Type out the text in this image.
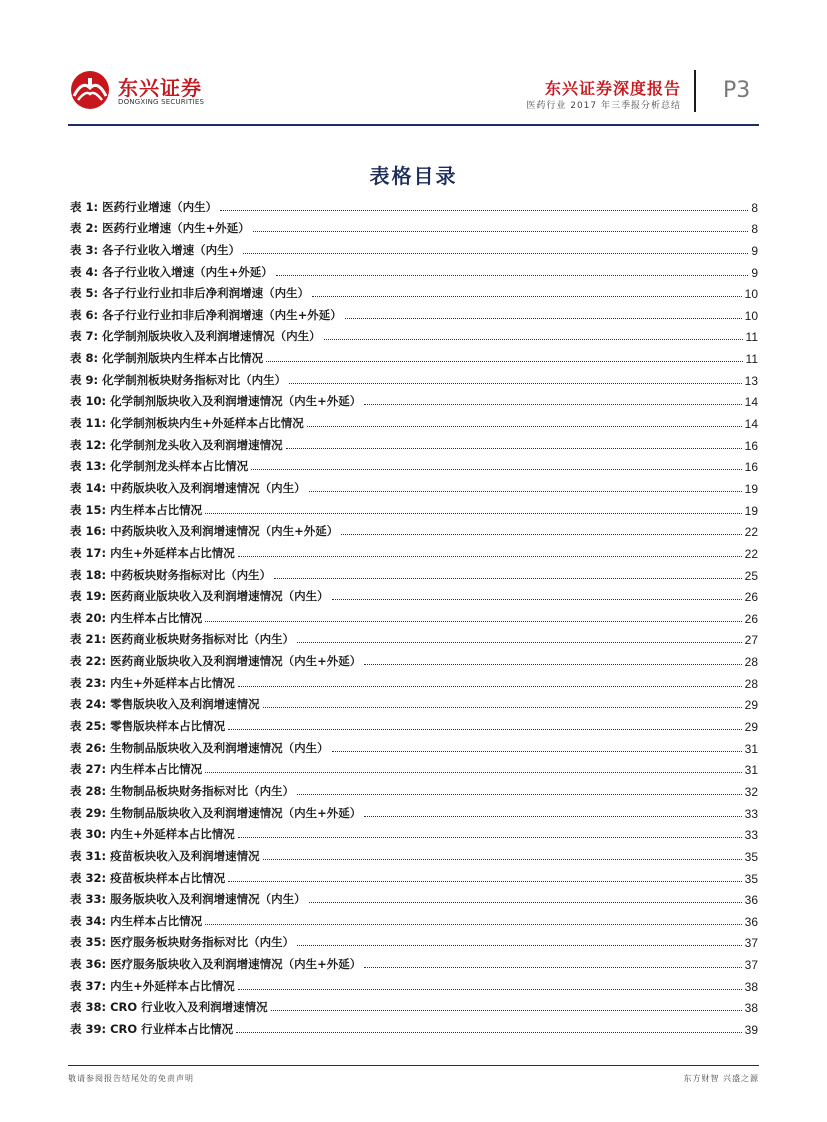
东兴证券
DONGXING SECURITIES
东兴证券深度报告
医药行业 2017 年三季报分析总结
P3
表格目录
表 1: 医药行业增速（内生）	8
表 2: 医药行业增速（内生+外延）	8
表 3: 各子行业收入增速（内生）	9
表 4: 各子行业收入增速（内生+外延）	9
表 5: 各子行业行业扣非后净利润增速（内生）	10
表 6: 各子行业行业扣非后净利润增速（内生+外延）	10
表 7: 化学制剂版块收入及利润增速情况（内生）	11
表 8: 化学制剂版块内生样本占比情况	11
表 9: 化学制剂板块财务指标对比（内生）	13
表 10: 化学制剂版块收入及利润增速情况（内生+外延）	14
表 11: 化学制剂板块内生+外延样本占比情况	14
表 12: 化学制剂龙头收入及利润增速情况	16
表 13: 化学制剂龙头样本占比情况	16
表 14: 中药版块收入及利润增速情况（内生）	19
表 15: 内生样本占比情况	19
表 16: 中药版块收入及利润增速情况（内生+外延）	22
表 17: 内生+外延样本占比情况	22
表 18: 中药板块财务指标对比（内生）	25
表 19: 医药商业版块收入及利润增速情况（内生）	26
表 20: 内生样本占比情况	26
表 21: 医药商业板块财务指标对比（内生）	27
表 22: 医药商业版块收入及利润增速情况（内生+外延）	28
表 23: 内生+外延样本占比情况	28
表 24: 零售版块收入及利润增速情况	29
表 25: 零售版块样本占比情况	29
表 26: 生物制品版块收入及利润增速情况（内生）	31
表 27: 内生样本占比情况	31
表 28: 生物制品板块财务指标对比（内生）	32
表 29: 生物制品版块收入及利润增速情况（内生+外延）	33
表 30: 内生+外延样本占比情况	33
表 31: 疫苗板块收入及利润增速情况	35
表 32: 疫苗板块样本占比情况	35
表 33: 服务版块收入及利润增速情况（内生）	36
表 34: 内生样本占比情况	36
表 35: 医疗服务板块财务指标对比（内生）	37
表 36: 医疗服务版块收入及利润增速情况（内生+外延）	37
表 37: 内生+外延样本占比情况	38
表 38: CRO 行业收入及利润增速情况	38
表 39: CRO 行业样本占比情况	39
敬请参阅报告结尾处的免责声明	东方财智 兴盛之源
